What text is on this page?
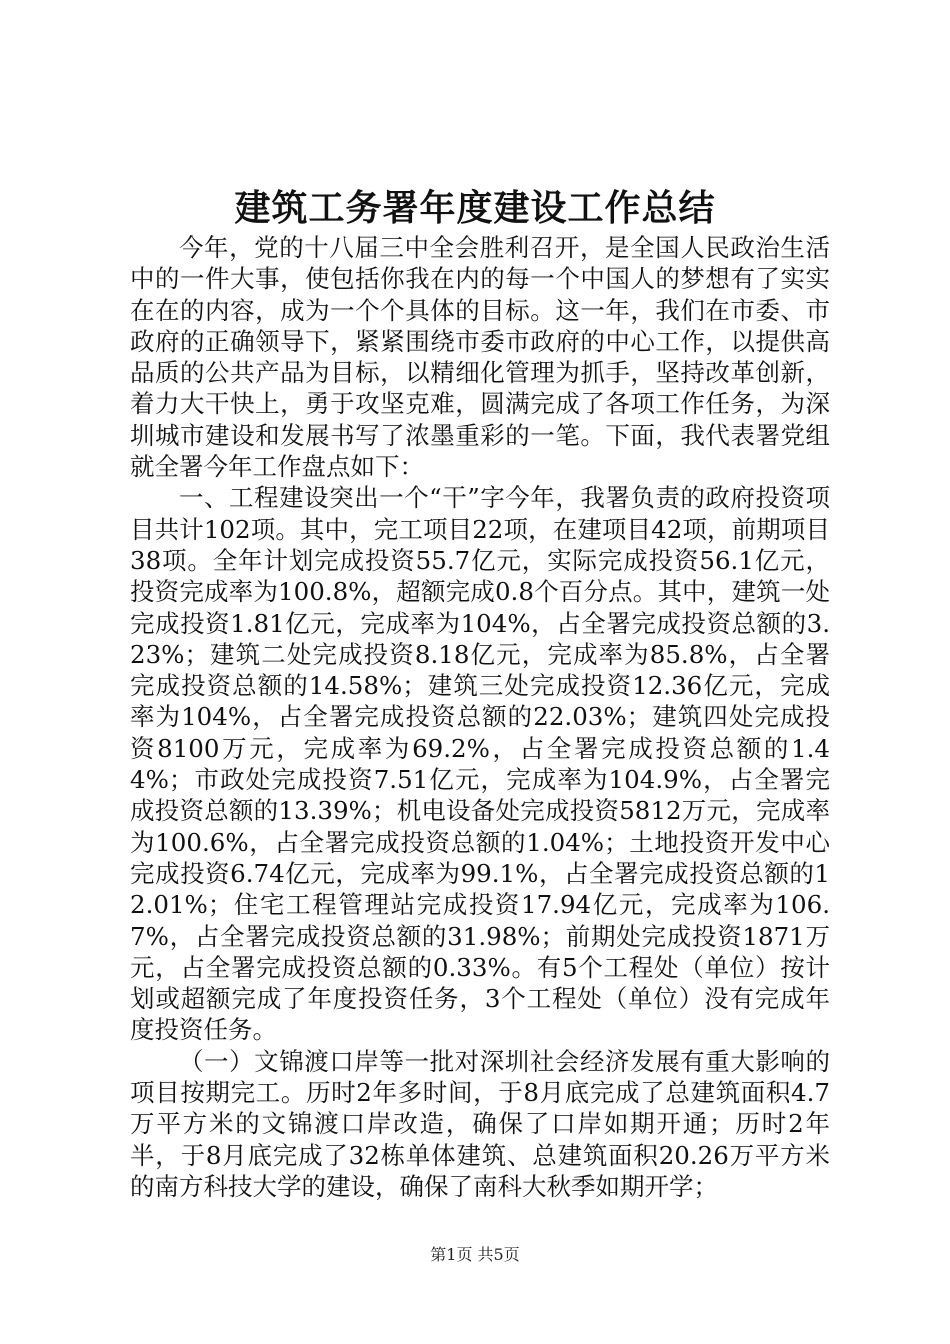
建筑工务署年度建设工作总结

今年，党的十八届三中全会胜利召开，是全国人民政治生活中的一件大事，使包括你我在内的每一个中国人的梦想有了实实在在的内容，成为一个个具体的目标。这一年，我们在市委、市政府的正确领导下，紧紧围绕市委市政府的中心工作，以提供高品质的公共产品为目标，以精细化管理为抓手，坚持改革创新，着力大干快上，勇于攻坚克难，圆满完成了各项工作任务，为深圳城市建设和发展书写了浓墨重彩的一笔。下面，我代表署党组就全署今年工作盘点如下：

一、工程建设突出一个“干”字今年，我署负责的政府投资项目共计102项。其中，完工项目22项，在建项目42项，前期项目38项。全年计划完成投资55.7亿元，实际完成投资56.1亿元，投资完成率为100.8%，超额完成0.8个百分点。其中，建筑一处完成投资1.81亿元，完成率为104%，占全署完成投资总额的3.23%；建筑二处完成投资8.18亿元，完成率为85.8%，占全署完成投资总额的14.58%；建筑三处完成投资12.36亿元，完成率为104%，占全署完成投资总额的22.03%；建筑四处完成投资8100万元，完成率为69.2%，占全署完成投资总额的1.44%；市政处完成投资7.51亿元，完成率为104.9%，占全署完成投资总额的13.39%；机电设备处完成投资5812万元，完成率为100.6%，占全署完成投资总额的1.04%；土地投资开发中心完成投资6.74亿元，完成率为99.1%，占全署完成投资总额的12.01%；住宅工程管理站完成投资17.94亿元，完成率为106.7%，占全署完成投资总额的31.98%；前期处完成投资1871万元，占全署完成投资总额的0.33%。有5个工程处（单位）按计划或超额完成了年度投资任务，3个工程处（单位）没有完成年度投资任务。

（一）文锦渡口岸等一批对深圳社会经济发展有重大影响的项目按期完工。历时2年多时间，于8月底完成了总建筑面积4.7万平方米的文锦渡口岸改造，确保了口岸如期开通；历时2年半，于8月底完成了32栋单体建筑、总建筑面积20.26万平方米的南方科技大学的建设，确保了南科大秋季如期开学；

第1页 共5页
